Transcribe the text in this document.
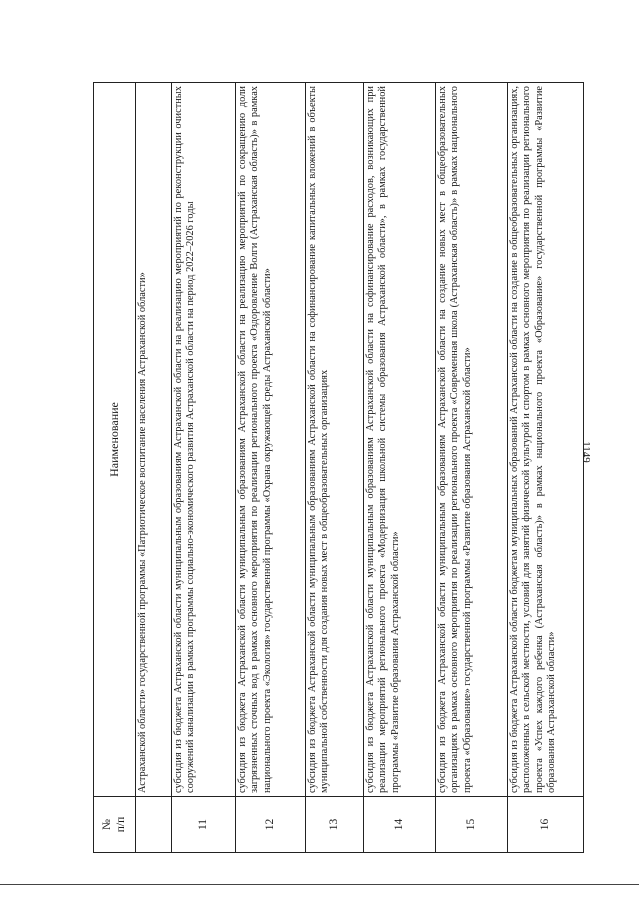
1149
№
п/п	Наименование
	Астраханской области» государственной программы «Патриотическое воспитание населения Астраханской области»
11	субсидия из бюджета Астраханской области муниципальным образованиям Астраханской области на реализацию мероприятий по реконструкции очистных сооружений канализации в рамках программы социально-экономического развития Астраханской области на период 2022–2026 годы
12	субсидия из бюджета Астраханской области муниципальным образованиям Астраханской области на реализацию мероприятий по сокращению доли загрязненных сточных вод в рамках основного мероприятия по реализации регионального проекта «Оздоровление Волги (Астраханская область)» в рамках национального проекта «Экология» государственной программы «Охрана окружающей среды Астраханской области»
13	субсидия из бюджета Астраханской области муниципальным образованиям Астраханской области на софинансирование капитальных вложений в объекты муниципальной собственности для создания новых мест в общеобразовательных организациях
14	субсидия из бюджета Астраханской области муниципальным образованиям Астраханской области на софинансирование расходов, возникающих при реализации мероприятий регионального проекта «Модернизация школьной системы образования Астраханской области», в рамках государственной программы «Развитие образования Астраханской области»
15	субсидия из бюджета Астраханской области муниципальным образованиям Астраханской области на создание новых мест в общеобразовательных организациях в рамках основного мероприятия по реализации регионального проекта «Современная школа (Астраханская область)» в рамках национального проекта «Образование» государственной программы «Развитие образования Астраханской области»
16	субсидия из бюджета Астраханской области бюджетам муниципальных образований Астраханской области на создание в общеобразовательных организациях, расположенных в сельской местности, условий для занятий физической культурой и спортом в рамках основного мероприятия по реализации регионального проекта «Успех каждого ребенка (Астраханская область)» в рамках национального проекта «Образование» государственной программы «Развитие образования Астраханской области»
